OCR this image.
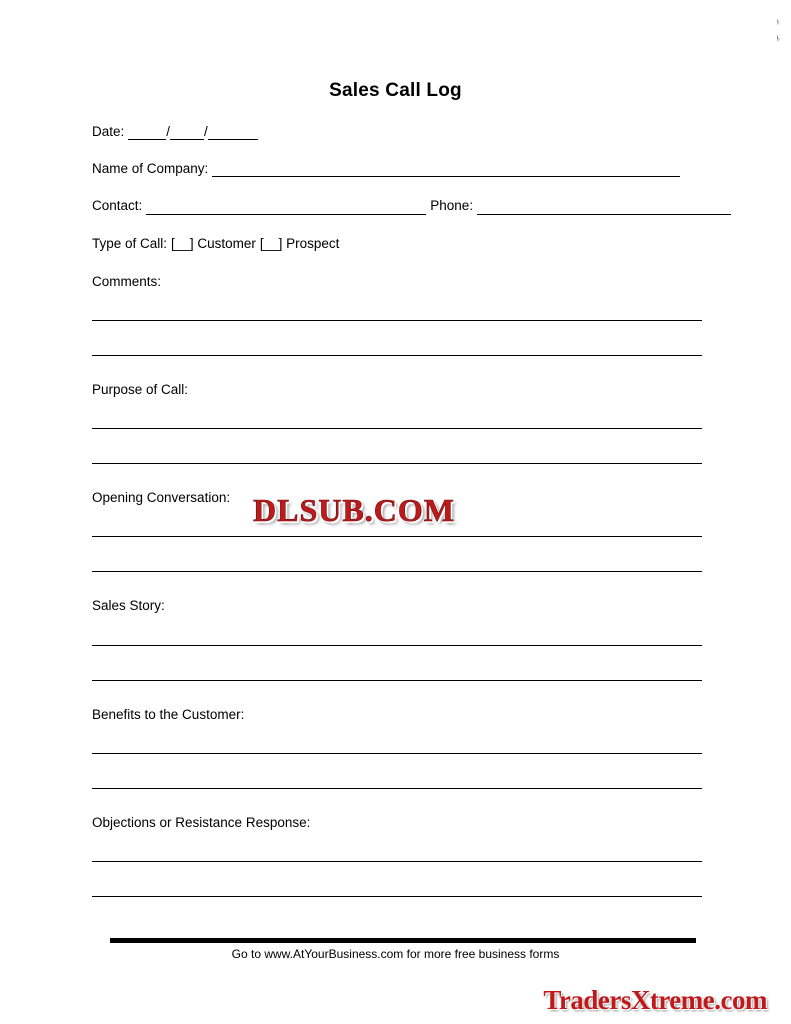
Sales Call Log
Date:	/	/
Name of Company:
Contact:	Phone:
Type of Call: [__] Customer [__] Prospect
Comments:
Purpose of Call:
Opening Conversation:
Sales Story:
Benefits to the Customer:
Objections or Resistance Response:
Go to www.AtYourBusiness.com for more free business forms
DLSUB.COM
TradersXtreme.com
